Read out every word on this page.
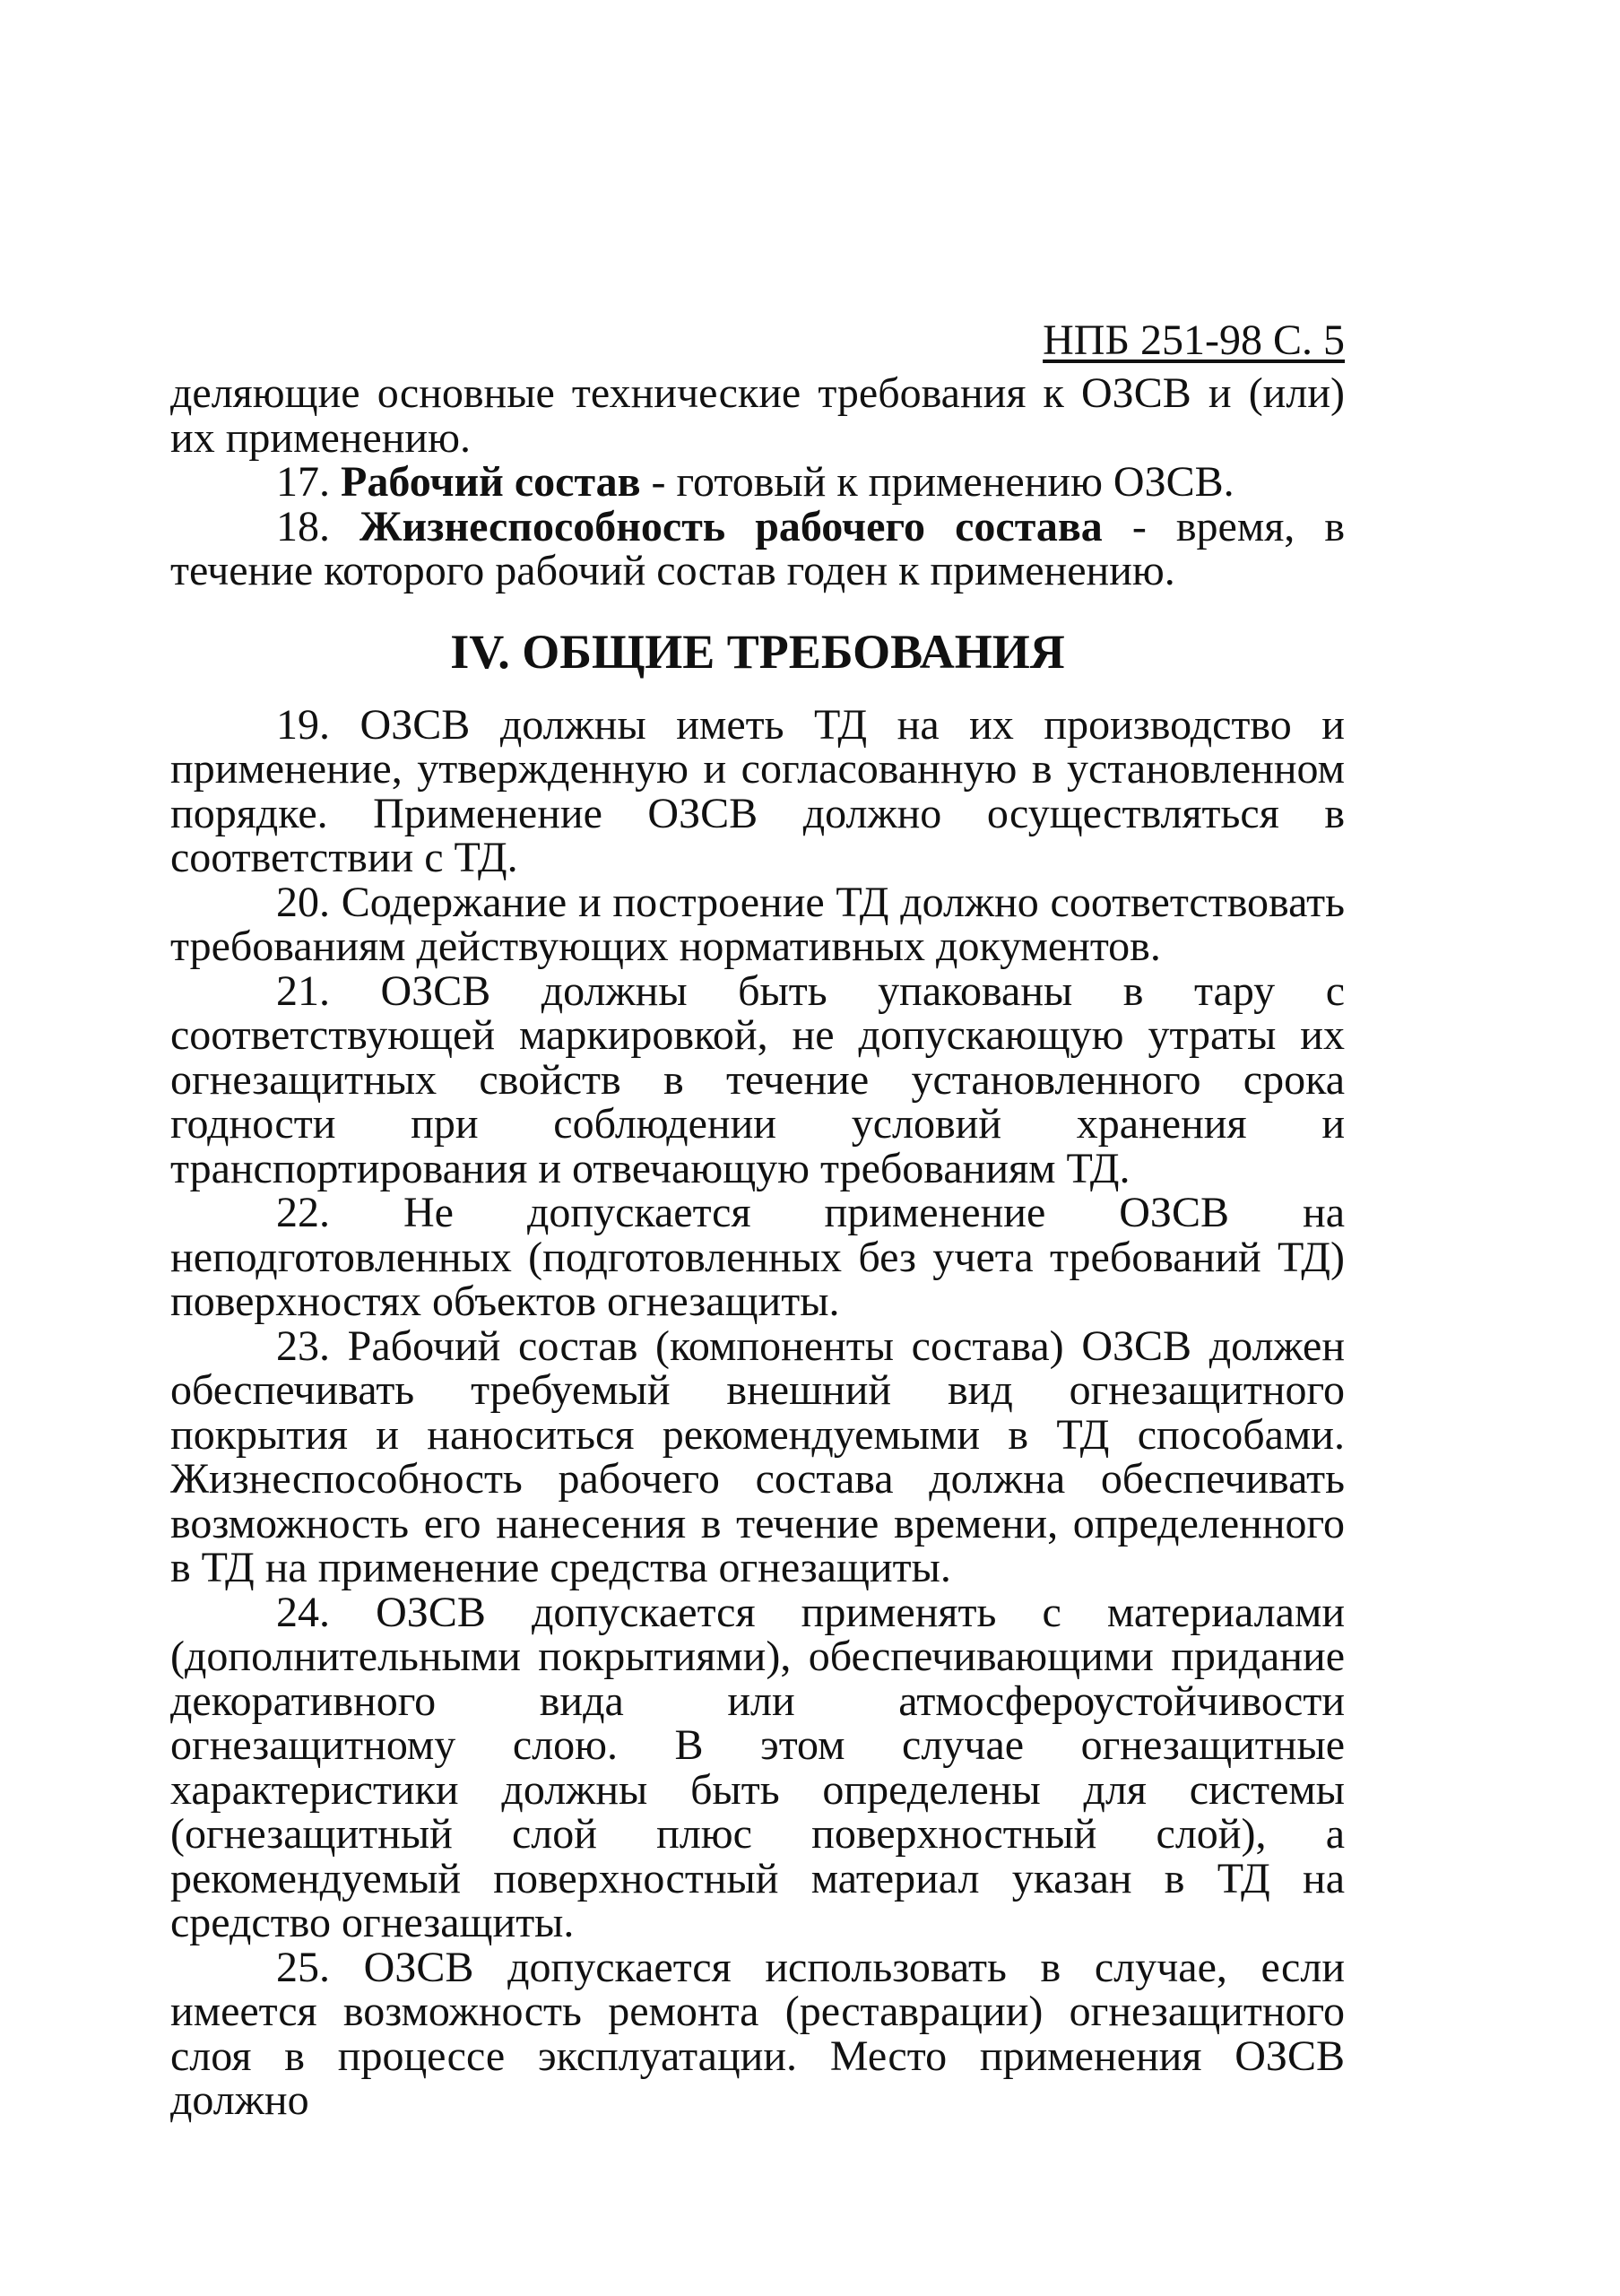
НПБ 251-98 С. 5

деляющие основные технические требования к ОЗСВ и (или) их применению.

17. Рабочий состав - готовый к применению ОЗСВ.

18. Жизнеспособность рабочего состава - время, в течение которого рабочий состав годен к применению.

IV. ОБЩИЕ ТРЕБОВАНИЯ

19. ОЗСВ должны иметь ТД на их производство и применение, утвержденную и согласованную в установленном порядке. Применение ОЗСВ должно осуществляться в соответствии с ТД.

20. Содержание и построение ТД должно соответствовать требованиям действующих нормативных документов.

21. ОЗСВ должны быть упакованы в тару с соответствующей маркировкой, не допускающую утраты их огнезащитных свойств в течение установленного срока годности при соблюдении условий хранения и транспортирования и отвечающую требованиям ТД.

22. Не допускается применение ОЗСВ на неподготовленных (подготовленных без учета требований ТД) поверхностях объектов огнезащиты.

23. Рабочий состав (компоненты состава) ОЗСВ должен обеспечивать требуемый внешний вид огнезащитного покрытия и наноситься рекомендуемыми в ТД способами. Жизнеспособность рабочего состава должна обеспечивать возможность его нанесения в течение времени, определенного в ТД на применение средства огнезащиты.

24. ОЗСВ допускается применять с материалами (дополнительными покрытиями), обеспечивающими придание декоративного вида или атмосфероустойчивости огнезащитному слою. В этом случае огнезащитные характеристики должны быть определены для системы (огнезащитный слой плюс поверхностный слой), а рекомендуемый поверхностный материал указан в ТД на средство огнезащиты.

25. ОЗСВ допускается использовать в случае, если имеется возможность ремонта (реставрации) огнезащитного слоя в процессе эксплуатации. Место применения ОЗСВ должно
